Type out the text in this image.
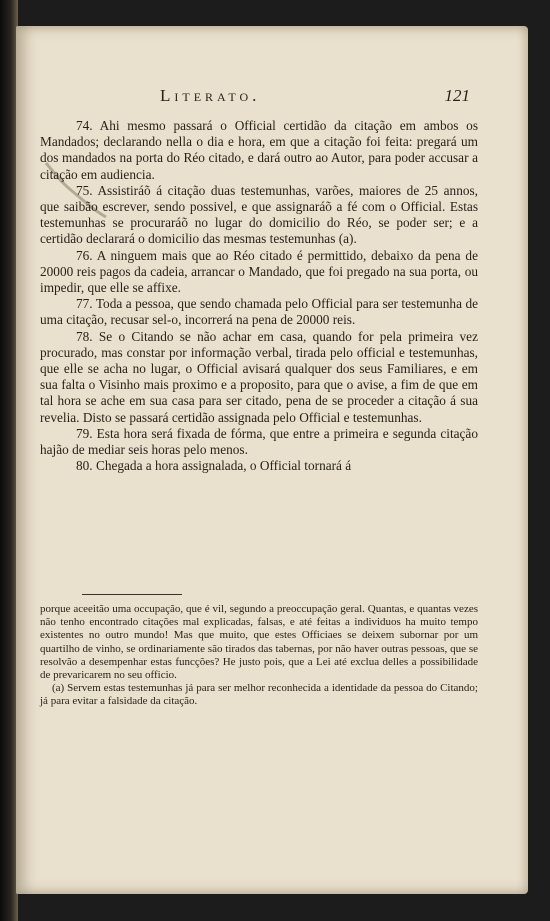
Literato.	121

74. Ahi mesmo passará o Official certidão da citação em ambos os Mandados; declarando nella o dia e hora, em que a citação foi feita: pregará um dos mandados na porta do Réo citado, e dará outro ao Autor, para poder accusar a citação em audiencia.

75. Assistiráõ á citação duas testemunhas, varões, maiores de 25 annos, que saibão escrever, sendo possivel, e que assignaráõ a fé com o Official. Estas testemunhas se procuraráõ no lugar do domicilio do Réo, se poder ser; e a certidão declarará o domicilio das mesmas testemunhas (a).

76. A ninguem mais que ao Réo citado é permittido, debaixo da pena de 20000 reis pagos da cadeia, arrancar o Mandado, que foi pregado na sua porta, ou impedir, que elle se affixe.

77. Toda a pessoa, que sendo chamada pelo Official para ser testemunha de uma citação, recusar sel-o, incorrerá na pena de 20000 reis.

78. Se o Citando se não achar em casa, quando for pela primeira vez procurado, mas constar por informação verbal, tirada pelo official e testemunhas, que elle se acha no lugar, o Official avisará qualquer dos seus Familiares, e em sua falta o Visinho mais proximo e a proposito, para que o avise, a fim de que em tal hora se ache em sua casa para ser citado, pena de se proceder a citação á sua revelia. Disto se passará certidão assignada pelo Official e testemunhas.

79. Esta hora será fixada de fórma, que entre a primeira e segunda citação hajão de mediar seis horas pelo menos.

80. Chegada a hora assignalada, o Official tornará á

porque aceeitão uma occupação, que é vil, segundo a preoccupação geral. Quantas, e quantas vezes não tenho encontrado citações mal explicadas, falsas, e até feitas a individuos ha muito tempo existentes no outro mundo! Mas que muito, que estes Officiaes se deixem subornar por um quartilho de vinho, se ordinariamente são tirados das tabernas, por não haver outras pessoas, que se resolvão a desempenhar estas funcções? He justo pois, que a Lei até exclua delles a possibilidade de prevaricarem no seu officio.

(a) Servem estas testemunhas já para ser melhor reconhecida a identidade da pessoa do Citando; já para evitar a falsidade da citação.
